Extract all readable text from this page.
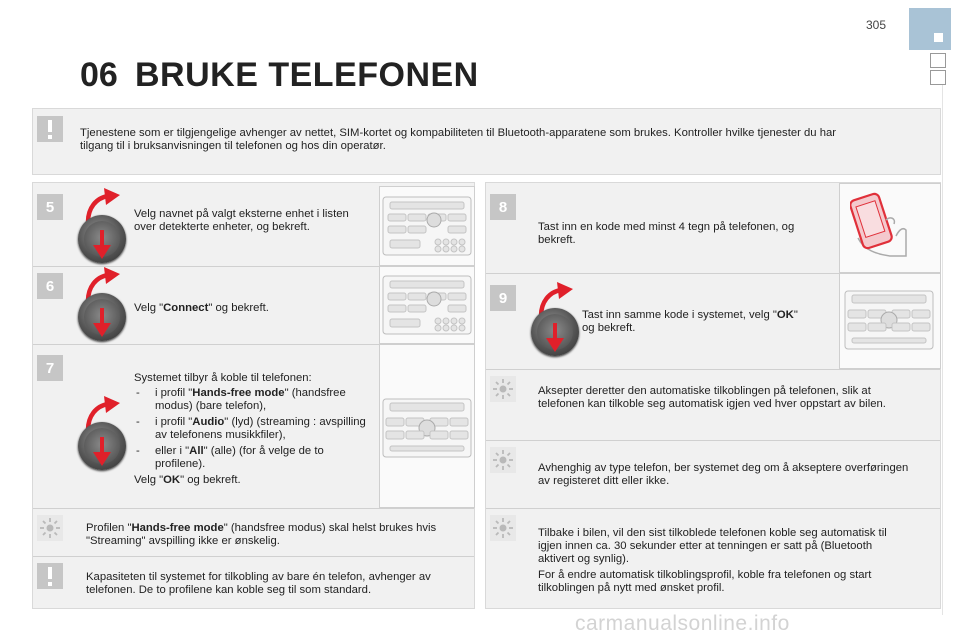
305
06 BRUKE TELEFONEN
Tjenestene som er tilgjengelige avhenger av nettet, SIM-kortet og kompabiliteten til Bluetooth-apparatene som brukes. Kontroller hvilke tjenester du har tilgang til i bruksanvisningen til telefonen og hos din operatør.
5	Velg navnet på valgt eksterne enhet i listen over detekterte enheter, og bekreft.
6
Velg "Connect" og bekreft.
7
Systemet tilbyr å koble til telefonen:
- i profil "Hands-free mode" (handsfree modus) (bare telefon),
- i profil "Audio" (lyd) (streaming : avspilling av telefonens musikkfiler),
- eller i "All" (alle) (for å velge de to profilene).
Velg "OK" og bekreft.
Profilen "Hands-free mode" (handsfree modus) skal helst brukes hvis "Streaming" avspilling ikke er ønskelig.
Kapasiteten til systemet for tilkobling av bare én telefon, avhenger av telefonen. De to profilene kan koble seg til som standard.
8
Tast inn en kode med minst 4 tegn på telefonen, og bekreft.
9
Tast inn samme kode i systemet, velg "OK" og bekreft.
Aksepter deretter den automatiske tilkoblingen på telefonen, slik at telefonen kan tilkoble seg automatisk igjen ved hver oppstart av bilen.
Avhenghig av type telefon, ber systemet deg om å akseptere overføringen av registeret ditt eller ikke.
Tilbake i bilen, vil den sist tilkoblede telefonen koble seg automatisk til igjen innen ca. 30 sekunder etter at tenningen er satt på (Bluetooth aktivert og synlig).
For å endre automatisk tilkoblingsprofil, koble fra telefonen og start tilkoblingen på nytt med ønsket profil.
carmanualsonline.info
